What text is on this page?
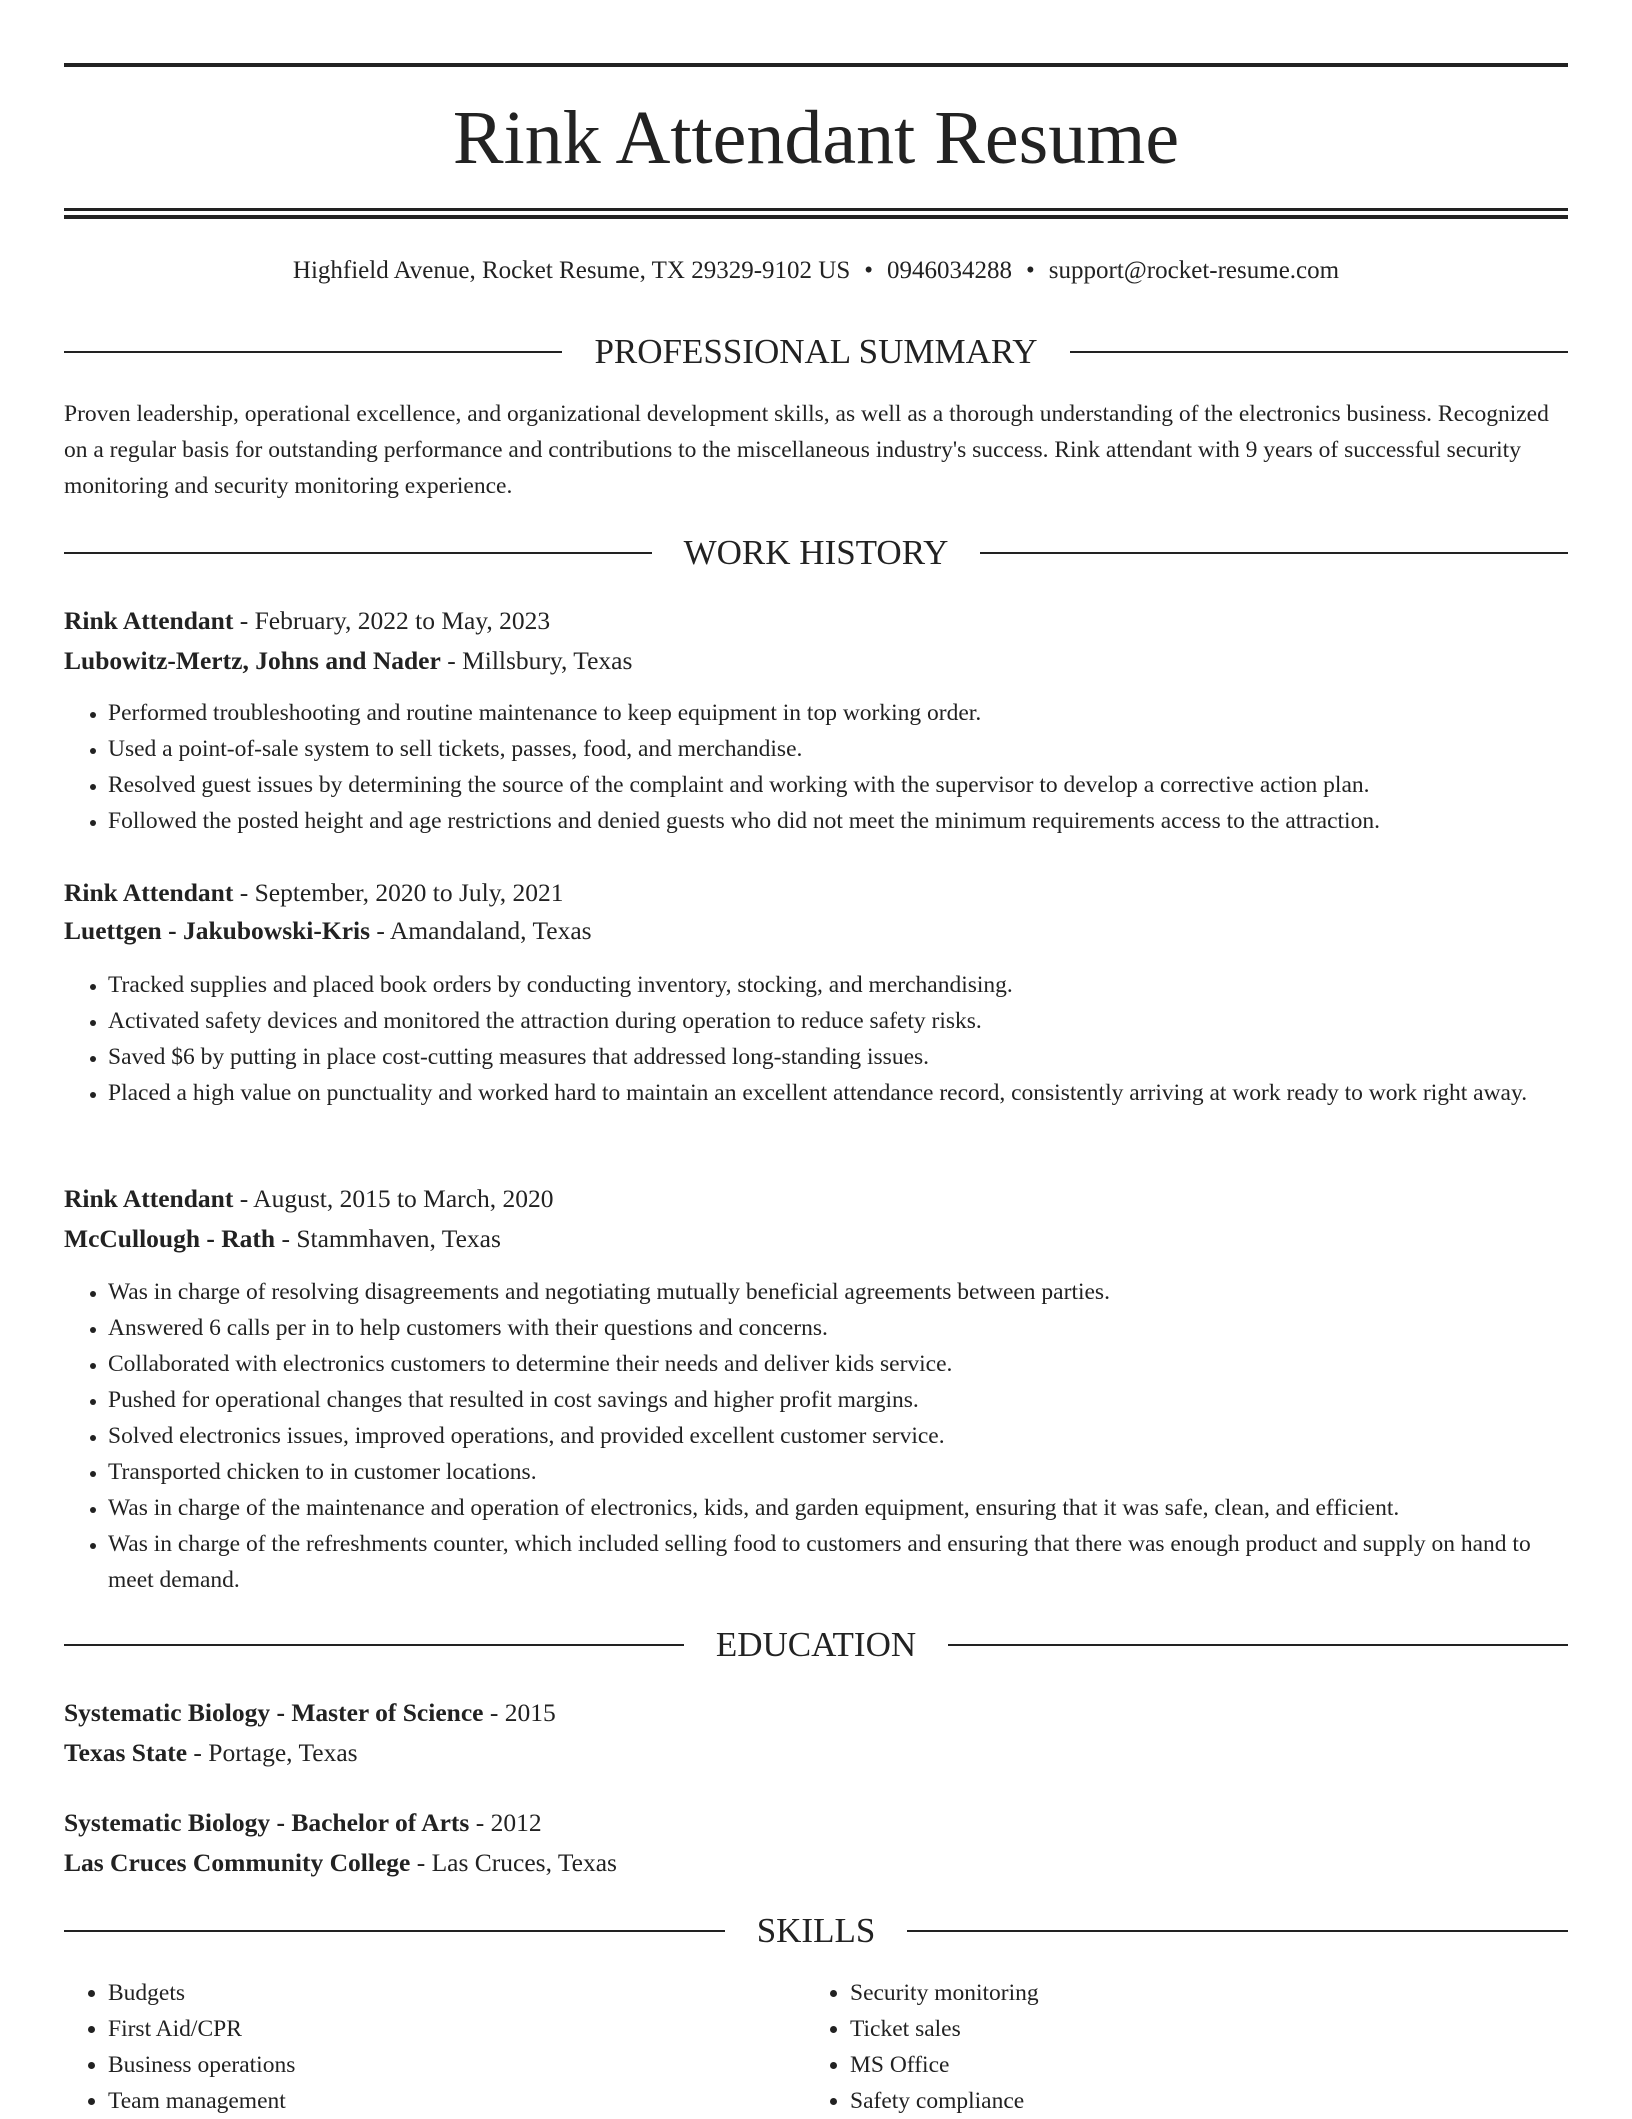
Rink Attendant Resume
Highfield Avenue, Rocket Resume, TX 29329-9102 US • 0946034288 • support@rocket-resume.com
PROFESSIONAL SUMMARY

Proven leadership, operational excellence, and organizational development skills, as well as a thorough understanding of the electronics business. Recognized on a regular basis for outstanding performance and contributions to the miscellaneous industry's success. Rink attendant with 9 years of successful security monitoring and security monitoring experience.

WORK HISTORY
Rink Attendant - February, 2022 to May, 2023
Lubowitz-Mertz, Johns and Nader - Millsbury, Texas
• Performed troubleshooting and routine maintenance to keep equipment in top working order.
• Used a point-of-sale system to sell tickets, passes, food, and merchandise.
• Resolved guest issues by determining the source of the complaint and working with the supervisor to develop a corrective action plan.
• Followed the posted height and age restrictions and denied guests who did not meet the minimum requirements access to the attraction.
Rink Attendant - September, 2020 to July, 2021
Luettgen - Jakubowski-Kris - Amandaland, Texas
• Tracked supplies and placed book orders by conducting inventory, stocking, and merchandising.
• Activated safety devices and monitored the attraction during operation to reduce safety risks.
• Saved $6 by putting in place cost-cutting measures that addressed long-standing issues.
• Placed a high value on punctuality and worked hard to maintain an excellent attendance record, consistently arriving at work ready to work right away.
Rink Attendant - August, 2015 to March, 2020
McCullough - Rath - Stammhaven, Texas
• Was in charge of resolving disagreements and negotiating mutually beneficial agreements between parties.
• Answered 6 calls per in to help customers with their questions and concerns.
• Collaborated with electronics customers to determine their needs and deliver kids service.
• Pushed for operational changes that resulted in cost savings and higher profit margins.
• Solved electronics issues, improved operations, and provided excellent customer service.
• Transported chicken to in customer locations.
• Was in charge of the maintenance and operation of electronics, kids, and garden equipment, ensuring that it was safe, clean, and efficient.
• Was in charge of the refreshments counter, which included selling food to customers and ensuring that there was enough product and supply on hand to meet demand.
EDUCATION
Systematic Biology - Master of Science - 2015
Texas State - Portage, Texas
Systematic Biology - Bachelor of Arts - 2012
Las Cruces Community College - Las Cruces, Texas
SKILLS
• Budgets
• First Aid/CPR
• Business operations
• Team management
• Security monitoring
• Ticket sales
• MS Office
• Safety compliance
